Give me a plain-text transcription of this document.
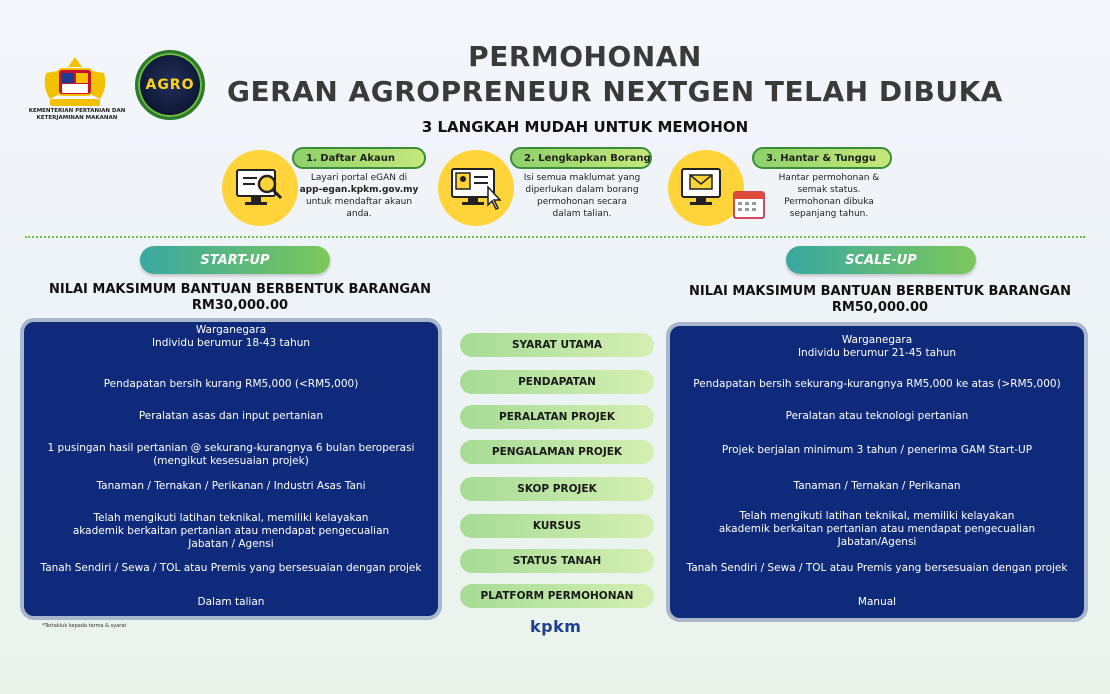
KEMENTERIAN PERTANIAN DAN KETERJAMINAN MAKANAN
AGRO
PERMOHONAN
GERAN AGROPRENEUR NEXTGEN TELAH DIBUKA
3 LANGKAH MUDAH UNTUK MEMOHON
1. Daftar Akaun
Layari portal eGAN di
app-egan.kpkm.gov.my
untuk mendaftar akaun
anda.
2. Lengkapkan Borang
Isi semua maklumat yang
diperlukan dalam borang
permohonan secara
dalam talian.
3. Hantar & Tunggu
Hantar permohonan &
semak status.
Permohonan dibuka
sepanjang tahun.
START-UP
NILAI MAKSIMUM BANTUAN BERBENTUK BARANGAN
RM30,000.00
SCALE-UP
NILAI MAKSIMUM BANTUAN BERBENTUK BARANGAN
RM50,000.00
Warganegara
Individu berumur 18-43 tahun
Pendapatan bersih kurang RM5,000 (<RM5,000)
Peralatan asas dan input pertanian
1 pusingan hasil pertanian @ sekurang-kurangnya 6 bulan beroperasi
(mengikut kesesuaian projek)
Tanaman / Ternakan / Perikanan / Industri Asas Tani
Telah mengikuti latihan teknikal, memiliki kelayakan
akademik berkaitan pertanian atau mendapat pengecualian
Jabatan / Agensi
Tanah Sendiri / Sewa / TOL atau Premis yang bersesuaian dengan projek
Dalam talian
Warganegara
Individu berumur 21-45 tahun
Pendapatan bersih sekurang-kurangnya RM5,000 ke atas (>RM5,000)
Peralatan atau teknologi pertanian
Projek berjalan minimum 3 tahun / penerima GAM Start-UP
Tanaman / Ternakan / Perikanan
Telah mengikuti latihan teknikal, memiliki kelayakan
akademik berkaitan pertanian atau mendapat pengecualian
Jabatan/Agensi
Tanah Sendiri / Sewa / TOL atau Premis yang bersesuaian dengan projek
Manual
SYARAT UTAMA
PENDAPATAN
PERALATAN PROJEK
PENGALAMAN PROJEK
SKOP PROJEK
KURSUS
STATUS TANAH
PLATFORM PERMOHONAN
*Tertakluk kepada terma & syarat	kpkm
